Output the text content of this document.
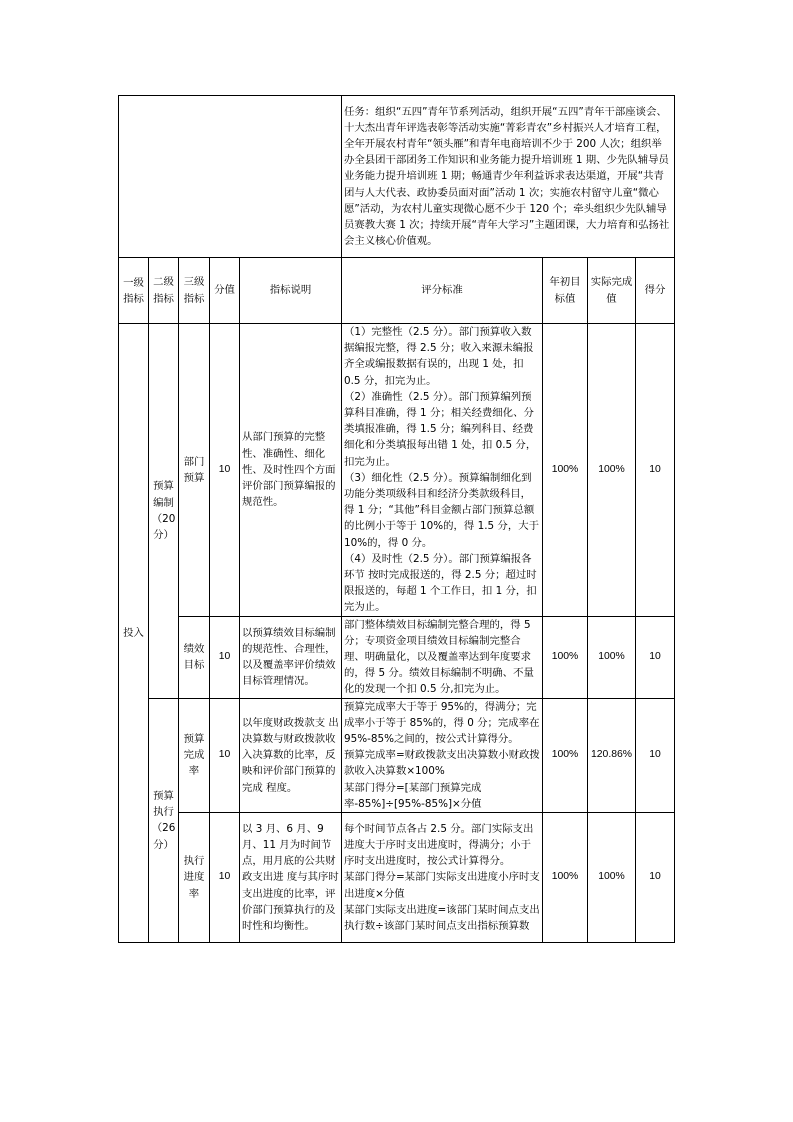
					任务：组织“五四”青年节系列活动，组织开展“五四”青年干部座谈会、十大杰出青年评选表彰等活动实施“菁彩青农”乡村振兴人才培育工程，全年开展农村青年“领头雁”和青年电商培训不少于 200 人次；组织举办全县团干部团务工作知识和业务能力提升培训班 1 期、少先队辅导员业务能力提升培训班 1 期；畅通青少年利益诉求表达渠道，开展“共青团与人大代表、政协委员面对面”活动 1 次；实施农村留守儿童“微心愿”活动，为农村儿童实现微心愿不少于 120 个；牵头组织少先队辅导员赛教大赛 1 次；持续开展“青年大学习”主题团课，大力培育和弘扬社会主义核心价值观。			
一级指标	二级指标	三级指标	分值	指标说明	评分标准	年初目标值	实际完成值	得分
投入	预算编制（20分）	部门预算	10	从部门预算的完整性、准确性、细化性、及时性四个方面评价部门预算编报的规范性。	（1）完整性（2.5 分）。部门预算收入数据编报完整，得 2.5 分；收入来源未编报齐全或编报数据有误的，出现 1 处，扣 0.5 分，扣完为止。
（2）准确性（2.5 分）。部门预算编列预算科目准确，得 1 分；相关经费细化、分类填报准确，得 1.5 分；编列科目、经费细化和分类填报每出错 1 处，扣 0.5 分，扣完为止。
（3）细化性（2.5 分）。预算编制细化到功能分类项级科目和经济分类款级科目，得 1 分；“其他”科目金额占部门预算总额的比例小于等于 10%的，得 1.5 分，大于 10%的，得 0 分。
（4）及时性（2.5 分）。部门预算编报各环节 按时完成报送的，得 2.5 分；超过时限报送的，每超 1 个工作日，扣 1 分，扣完为止。	100%	100%	10
		绩效目标	10	以预算绩效目标编制的规范性、合理性，以及覆盖率评价绩效目标管理情况。	部门整体绩效目标编制完整合理的，得 5 分；专项资金项目绩效目标编制完整合理、明确量化，以及覆盖率达到年度要求的，得 5 分。绩效目标编制不明确、不量化的发现一个扣 0.5 分,扣完为止。	100%	100%	10
	预算执行（26分）	预算完成率	10	以年度财政拨款支 出决算数与财政拨款收 入决算数的比率，反映和评价部门预算的完成 程度。	预算完成率大于等于 95%的，得满分；完成率小于等于 85%的，得 0 分；完成率在 95%-85%之间的，按公式计算得分。
预算完成率=财政拨款支出决算数小财政拨款收入决算数×100%
某部门得分=[某部门预算完成率-85%]÷[95%-85%]×分值	100%	120.86%	10
		执行进度率	10	以 3 月、6 月、9 月、11 月为时间节点，用月底的公共财政支出进 度与其序时支出进度的比率，评价部门预算执行的及时性和均衡性。	每个时间节点各占 2.5 分。部门实际支出进度大于序时支出进度时，得满分；小于序时支出进度时，按公式计算得分。
某部门得分=某部门实际支出进度小序时支出进度×分值
某部门实际支出进度=该部门某时间点支出执行数÷该部门某时间点支出指标预算数	100%	100%	10
